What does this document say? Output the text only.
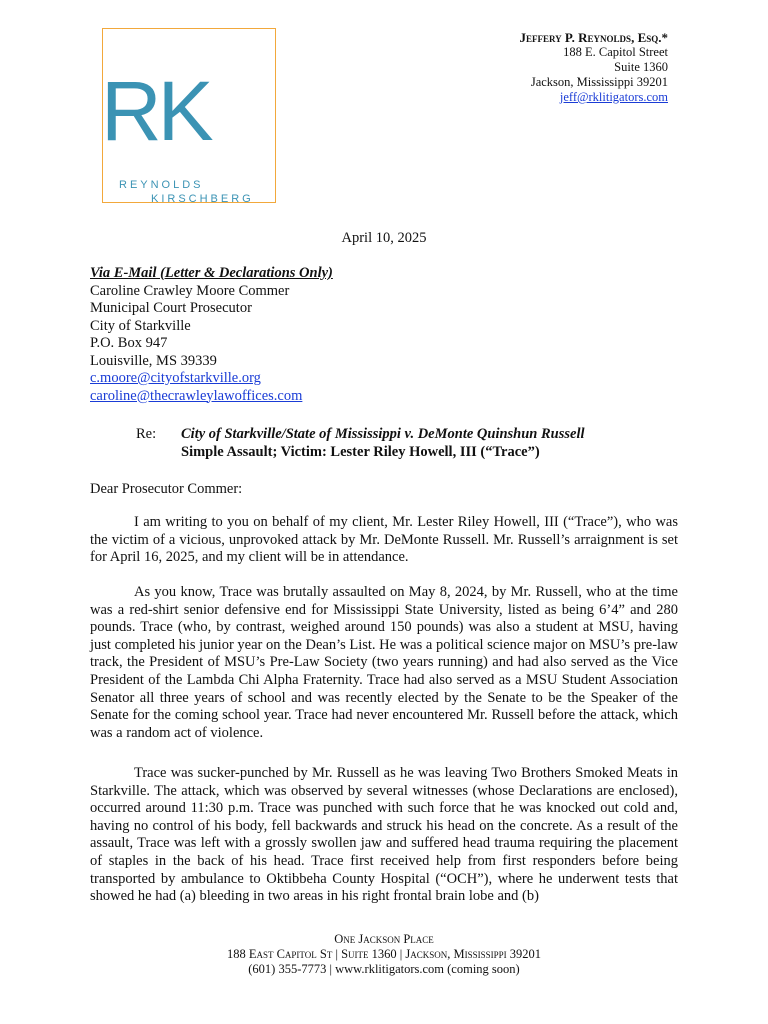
RK
REYNOLDS
KIRSCHBERG
Jeffery P. Reynolds, Esq.*
188 E. Capitol Street
Suite 1360
Jackson, Mississippi 39201
jeff@rklitigators.com
April 10, 2025
Via E-Mail (Letter & Declarations Only)
Caroline Crawley Moore Commer
Municipal Court Prosecutor
City of Starkville
P.O. Box 947
Louisville, MS 39339
c.moore@cityofstarkville.org
caroline@thecrawleylawoffices.com
Re: City of Starkville/State of Mississippi v. DeMonte Quinshun Russell
Simple Assault; Victim: Lester Riley Howell, III (“Trace”)
Dear Prosecutor Commer:

I am writing to you on behalf of my client, Mr. Lester Riley Howell, III (“Trace”), who was the victim of a vicious, unprovoked attack by Mr. DeMonte Russell. Mr. Russell’s arraignment is set for April 16, 2025, and my client will be in attendance.

As you know, Trace was brutally assaulted on May 8, 2024, by Mr. Russell, who at the time was a red-shirt senior defensive end for Mississippi State University, listed as being 6’4” and 280 pounds. Trace (who, by contrast, weighed around 150 pounds) was also a student at MSU, having just completed his junior year on the Dean’s List. He was a political science major on MSU’s pre-law track, the President of MSU’s Pre-Law Society (two years running) and had also served as the Vice President of the Lambda Chi Alpha Fraternity. Trace had also served as a MSU Student Association Senator all three years of school and was recently elected by the Senate to be the Speaker of the Senate for the coming school year. Trace had never encountered Mr. Russell before the attack, which was a random act of violence.

Trace was sucker-punched by Mr. Russell as he was leaving Two Brothers Smoked Meats in Starkville. The attack, which was observed by several witnesses (whose Declarations are enclosed), occurred around 11:30 p.m. Trace was punched with such force that he was knocked out cold and, having no control of his body, fell backwards and struck his head on the concrete. As a result of the assault, Trace was left with a grossly swollen jaw and suffered head trauma requiring the placement of staples in the back of his head. Trace first received help from first responders before being transported by ambulance to Oktibbeha County Hospital (“OCH”), where he underwent tests that showed he had (a) bleeding in two areas in his right frontal brain lobe and (b)

One Jackson Place
188 East Capitol St | Suite 1360 | Jackson, Mississippi 39201
(601) 355-7773 | www.rklitigators.com (coming soon)
